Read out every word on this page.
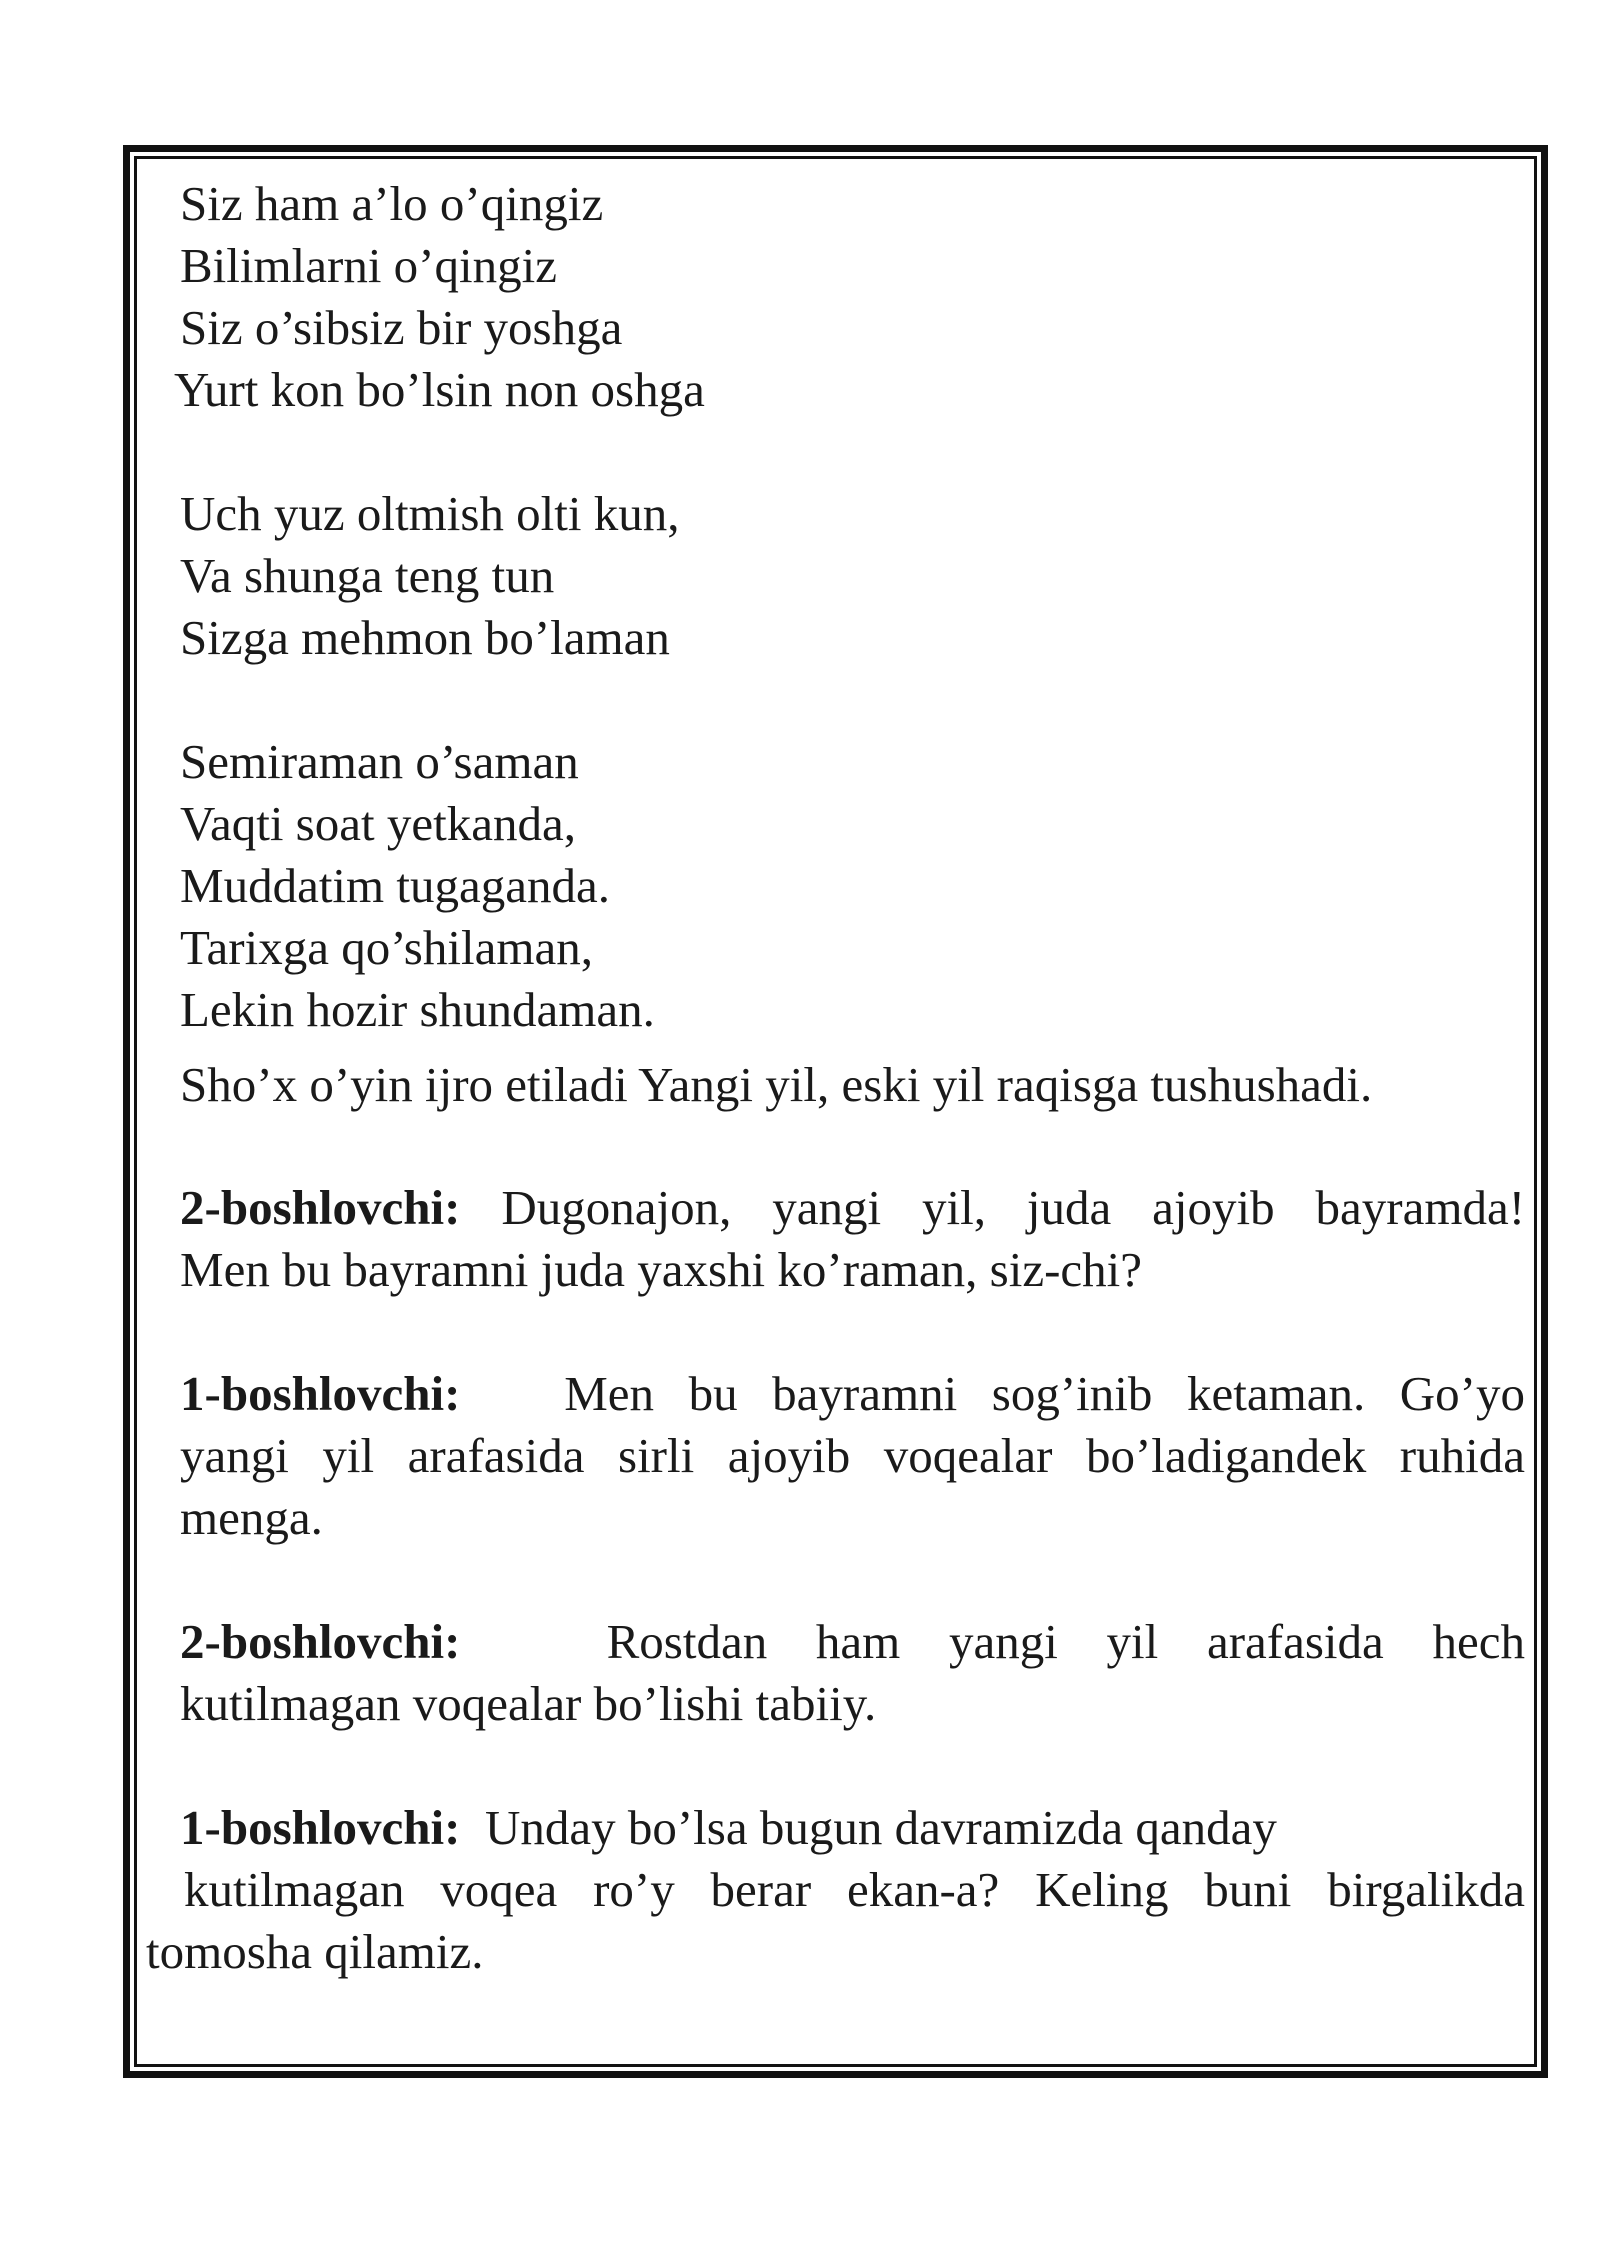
Siz ham a’lo o’qingiz
Bilimlarni o’qingiz
Siz o’sibsiz bir yoshga
Yurt kon bo’lsin non oshga
Uch yuz oltmish olti kun,
Va shunga teng tun
Sizga mehmon bo’laman
Semiraman o’saman
Vaqti soat yetkanda,
Muddatim tugaganda.
Tarixga qo’shilaman,
Lekin hozir shundaman.
Sho’x o’yin ijro etiladi Yangi yil, eski yil raqisga tushushadi.
2-boshlovchi: Dugonajon, yangi yil, juda ajoyib bayramda!
Men bu bayramni juda yaxshi ko’raman, siz-chi?
1-boshlovchi: Men bu bayramni sog’inib ketaman. Go’yo
yangi yil arafasida sirli ajoyib voqealar bo’ladigandek ruhida
menga.
2-boshlovchi:	Rostdan ham yangi yil arafasida hech
kutilmagan voqealar bo’lishi tabiiy.
1-boshlovchi: Unday bo’lsa bugun davramizda qanday
kutilmagan voqea ro’y berar ekan-a? Keling buni birgalikda
tomosha qilamiz.
